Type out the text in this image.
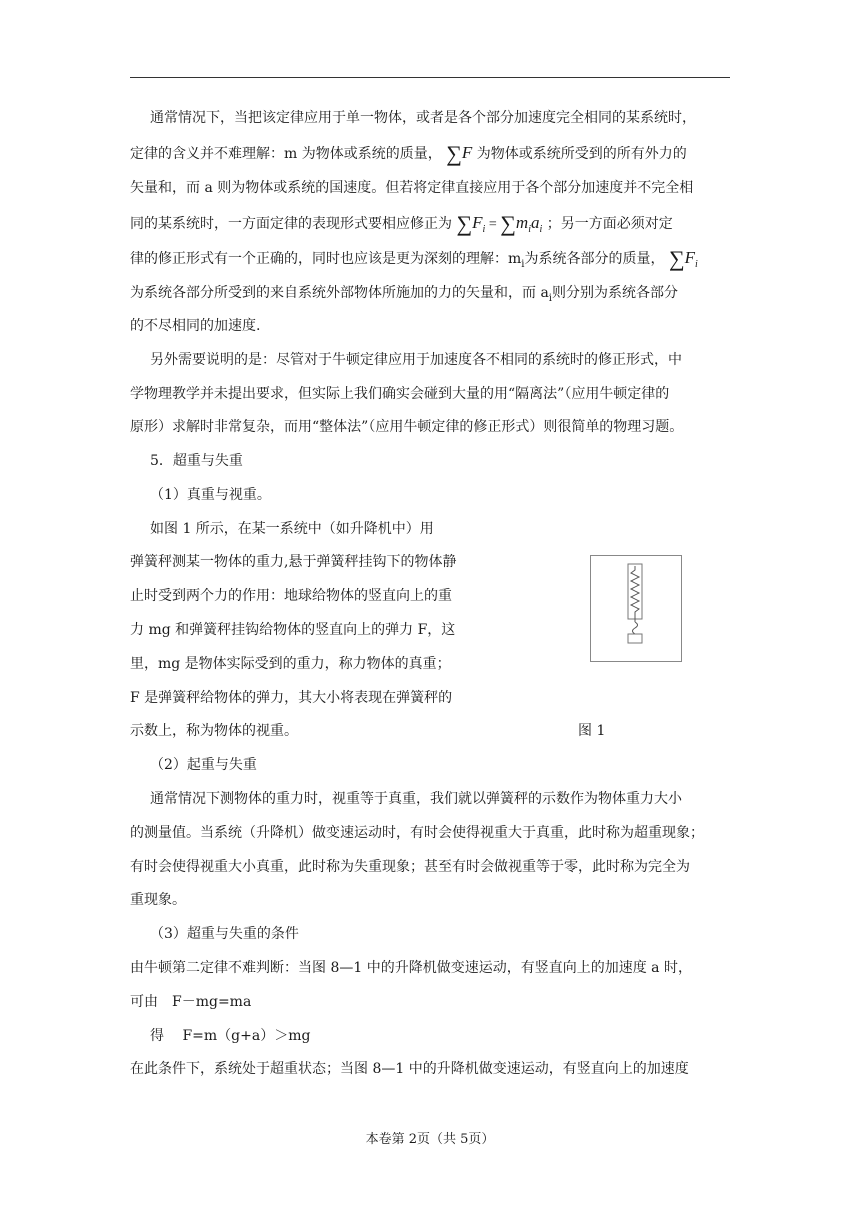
通常情况下，当把该定律应用于单一物体，或者是各个部分加速度完全相同的某系统时，
定律的含义并不难理解：m 为物体或系统的质量， ∑F 为物体或系统所受到的所有外力的
矢量和，而 a 则为物体或系统的国速度。但若将定律直接应用于各个部分加速度并不完全相
同的某系统时，一方面定律的表现形式要相应修正为 $\sum F_i = \sum m_ia_i$ ；另一方面必须对定
律的修正形式有一个正确的，同时也应该是更为深刻的理解：$m_i$为系统各部分的质量， $\sum F_i$
为系统各部分所受到的来自系统外部物体所施加的力的矢量和，而 $a_i$则分别为系统各部分
的不尽相同的加速度.
另外需要说明的是：尽管对于牛顿定律应用于加速度各不相同的系统时的修正形式，中
学物理教学并未提出要求，但实际上我们确实会碰到大量的用“隔离法”（应用牛顿定律的
原形）求解时非常复杂，而用“整体法”（应用牛顿定律的修正形式）则很简单的物理习题。
5．超重与失重
（1）真重与视重。
如图 1 所示，在某一系统中（如升降机中）用
弹簧秤测某一物体的重力,悬于弹簧秤挂钩下的物体静
止时受到两个力的作用：地球给物体的竖直向上的重
力 mg 和弹簧秤挂钩给物体的竖直向上的弹力 F，这
里，mg 是物体实际受到的重力，称力物体的真重；
F 是弹簧秤给物体的弹力，其大小将表现在弹簧秤的
示数上，称为物体的视重。
（2）起重与失重
通常情况下测物体的重力时，视重等于真重，我们就以弹簧秤的示数作为物体重力大小
的测量值。当系统（升降机）做变速运动时，有时会使得视重大于真重，此时称为超重现象；
有时会使得视重大小真重，此时称为失重现象；甚至有时会做视重等于零，此时称为完全为
重现象。
（3）超重与失重的条件
由牛顿第二定律不难判断：当图 8—1 中的升降机做变速运动，有竖直向上的加速度 a 时，
可由　F－mg=ma
得　 F=m（g+a）＞mg
在此条件下，系统处于超重状态；当图 8—1 中的升降机做变速运动，有竖直向上的加速度
图 1
本卷第 2页（共 5页）
